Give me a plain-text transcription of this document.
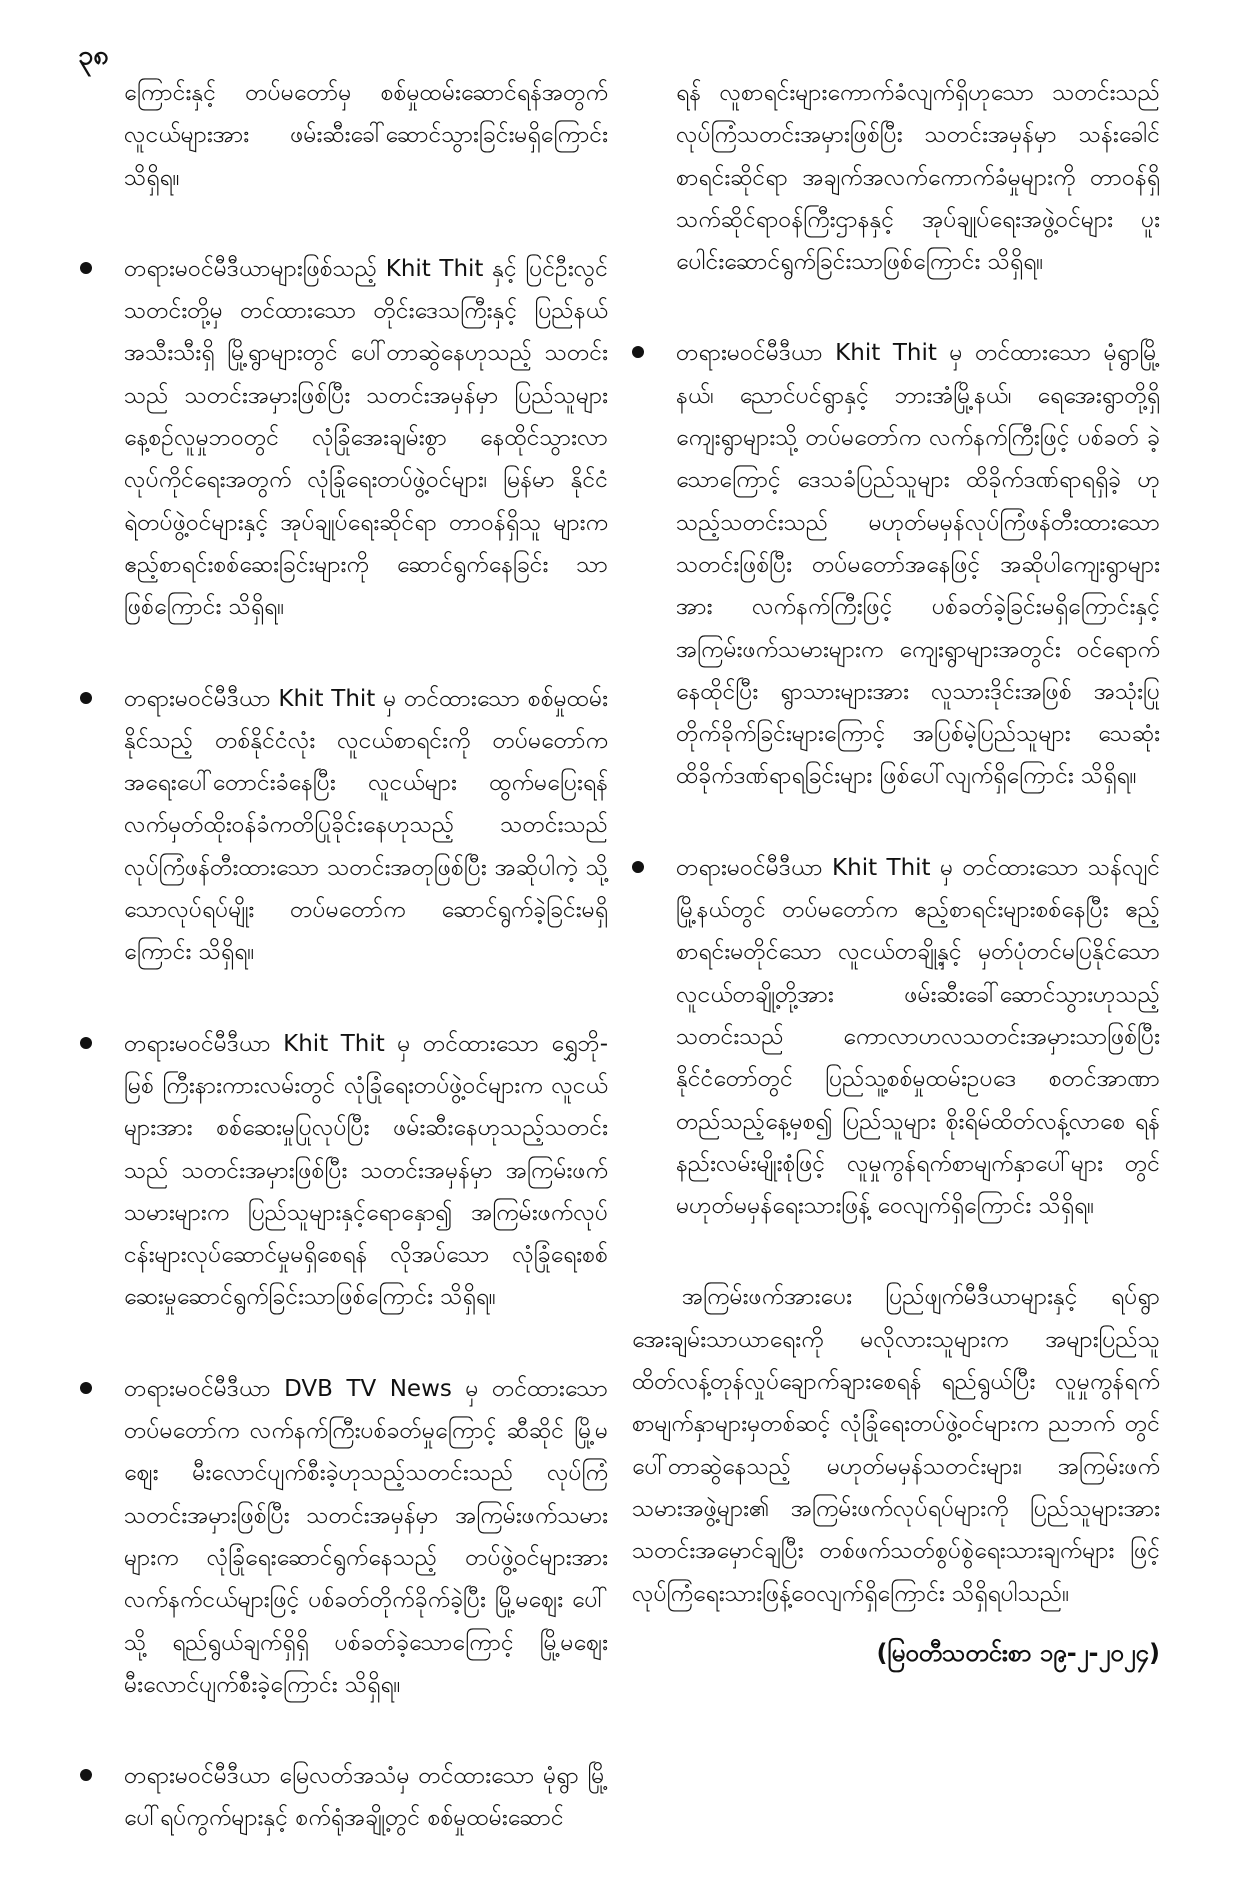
၃၈

ကြောင်းနှင့် တပ်မတော်မှ စစ်မှုထမ်းဆောင်ရန်အတွက် လူငယ်များအား ဖမ်းဆီးခေါ်ဆောင်သွားခြင်းမရှိကြောင်း သိရှိရ။

တရားမဝင်မီဒီယာများဖြစ်သည့် Khit Thit နှင့် ပြင်ဦးလွင် သတင်းတို့မှ တင်ထားသော တိုင်းဒေသကြီးနှင့် ပြည်နယ် အသီးသီးရှိ မြို့ရွာများတွင် ပေါ်တာဆွဲနေဟုသည့် သတင်း သည် သတင်းအမှားဖြစ်ပြီး သတင်းအမှန်မှာ ပြည်သူများ နေ့စဉ်လူမှုဘဝတွင် လုံခြုံအေးချမ်းစွာ နေထိုင်သွားလာ လုပ်ကိုင်ရေးအတွက် လုံခြုံရေးတပ်ဖွဲ့ဝင်များ၊ မြန်မာ နိုင်ငံရဲတပ်ဖွဲ့ဝင်များနှင့် အုပ်ချုပ်ရေးဆိုင်ရာ တာဝန်ရှိသူ များက ဧည့်စာရင်းစစ်ဆေးခြင်းများကို ဆောင်ရွက်နေခြင်း သာဖြစ်ကြောင်း သိရှိရ။
တရားမဝင်မီဒီယာ Khit Thit မှ တင်ထားသော စစ်မှုထမ်း နိုင်သည့် တစ်နိုင်ငံလုံး လူငယ်စာရင်းကို တပ်မတော်က အရေးပေါ်တောင်းခံနေပြီး လူငယ်များ ထွက်မပြေးရန် လက်မှတ်ထိုးဝန်ခံကတိပြုခိုင်းနေဟုသည့် သတင်းသည် လုပ်ကြံဖန်တီးထားသော သတင်းအတုဖြစ်ပြီး အဆိုပါကဲ့ သို့သောလုပ်ရပ်မျိုး တပ်မတော်က ဆောင်ရွက်ခဲ့ခြင်းမရှိ ကြောင်း သိရှိရ။
တရားမဝင်မီဒီယာ Khit Thit မှ တင်ထားသော ရွှေဘို-မြစ် ကြီးနားကားလမ်းတွင် လုံခြုံရေးတပ်ဖွဲ့ဝင်များက လူငယ် များအား စစ်ဆေးမှုပြုလုပ်ပြီး ဖမ်းဆီးနေဟုသည့်သတင်း သည် သတင်းအမှားဖြစ်ပြီး သတင်းအမှန်မှာ အကြမ်းဖက် သမားများက ပြည်သူများနှင့်ရောနှော၍ အကြမ်းဖက်လုပ် ငန်းများလုပ်ဆောင်မှုမရှိစေရန် လိုအပ်သော လုံခြုံရေးစစ် ဆေးမှုဆောင်ရွက်ခြင်းသာဖြစ်ကြောင်း သိရှိရ။
တရားမဝင်မီဒီယာ DVB TV News မှ တင်ထားသော တပ်မတော်က လက်နက်ကြီးပစ်ခတ်မှုကြောင့် ဆီဆိုင် မြို့မဈေး မီးလောင်ပျက်စီးခဲ့ဟုသည့်သတင်းသည် လုပ်ကြံ သတင်းအမှားဖြစ်ပြီး သတင်းအမှန်မှာ အကြမ်းဖက်သမား များက လုံခြုံရေးဆောင်ရွက်နေသည့် တပ်ဖွဲ့ဝင်များအား လက်နက်ငယ်များဖြင့် ပစ်ခတ်တိုက်ခိုက်ခဲ့ပြီး မြို့မဈေး ပေါ်သို့ ရည်ရွယ်ချက်ရှိရှိ ပစ်ခတ်ခဲ့သောကြောင့် မြို့မဈေး မီးလောင်ပျက်စီးခဲ့ကြောင်း သိရှိရ။
တရားမဝင်မီဒီယာ မြေလတ်အသံမှ တင်ထားသော မုံရွာ မြို့ပေါ်ရပ်ကွက်များနှင့် စက်ရုံအချို့တွင် စစ်မှုထမ်းဆောင်

ရန် လူစာရင်းများကောက်ခံလျက်ရှိဟုသော သတင်းသည် လုပ်ကြံသတင်းအမှားဖြစ်ပြီး သတင်းအမှန်မှာ သန်းခေါင် စာရင်းဆိုင်ရာ အချက်အလက်ကောက်ခံမှုများကို တာဝန်ရှိ သက်ဆိုင်ရာဝန်ကြီးဌာနနှင့် အုပ်ချုပ်ရေးအဖွဲ့ဝင်များ ပူး ပေါင်းဆောင်ရွက်ခြင်းသာဖြစ်ကြောင်း သိရှိရ။

တရားမဝင်မီဒီယာ Khit Thit မှ တင်ထားသော မုံရွာမြို့ နယ်၊ ညောင်ပင်ရွာနှင့် ဘားအံမြို့နယ်၊ ရေအေးရွာတို့ရှိ ကျေးရွာများသို့ တပ်မတော်က လက်နက်ကြီးဖြင့် ပစ်ခတ် ခဲ့သောကြောင့် ဒေသခံပြည်သူများ ထိခိုက်ဒဏ်ရာရရှိခဲ့ ဟုသည့်သတင်းသည် မဟုတ်မမှန်လုပ်ကြံဖန်တီးထားသော သတင်းဖြစ်ပြီး တပ်မတော်အနေဖြင့် အဆိုပါကျေးရွာများ အား လက်နက်ကြီးဖြင့် ပစ်ခတ်ခဲ့ခြင်းမရှိကြောင်းနှင့် အကြမ်းဖက်သမားများက ကျေးရွာများအတွင်း ဝင်ရောက် နေထိုင်ပြီး ရွာသားများအား လူသားဒိုင်းအဖြစ် အသုံးပြု တိုက်ခိုက်ခြင်းများကြောင့် အပြစ်မဲ့ပြည်သူများ သေဆုံး ထိခိုက်ဒဏ်ရာရခြင်းများ ဖြစ်ပေါ်လျက်ရှိကြောင်း သိရှိရ။
တရားမဝင်မီဒီယာ Khit Thit မှ တင်ထားသော သန်လျင် မြို့နယ်တွင် တပ်မတော်က ဧည့်စာရင်းများစစ်နေပြီး ဧည့် စာရင်းမတိုင်သော လူငယ်တချို့နှင့် မှတ်ပုံတင်မပြနိုင်သော လူငယ်တချို့တို့အား ဖမ်းဆီးခေါ်ဆောင်သွားဟုသည့် သတင်းသည် ကောလာဟလသတင်းအမှားသာဖြစ်ပြီး နိုင်ငံတော်တွင် ပြည်သူ့စစ်မှုထမ်းဥပဒေ စတင်အာဏာ တည်သည့်နေ့မှစ၍ ပြည်သူများ စိုးရိမ်ထိတ်လန့်လာစေ ရန် နည်းလမ်းမျိုးစုံဖြင့် လူမှုကွန်ရက်စာမျက်နှာပေါ်များ တွင် မဟုတ်မမှန်ရေးသားဖြန့် ဝေလျက်ရှိကြောင်း သိရှိရ။

အကြမ်းဖက်အားပေး ပြည်ဖျက်မီဒီယာများနှင့် ရပ်ရွာ အေးချမ်းသာယာရေးကို မလိုလားသူများက အများပြည်သူ ထိတ်လန့်တုန်လှုပ်ချောက်ချားစေရန် ရည်ရွယ်ပြီး လူမှုကွန်ရက် စာမျက်နှာများမှတစ်ဆင့် လုံခြုံရေးတပ်ဖွဲ့ဝင်များက ညဘက် တွင် ပေါ်တာဆွဲနေသည့် မဟုတ်မမှန်သတင်းများ၊ အကြမ်းဖက် သမားအဖွဲ့များ၏ အကြမ်းဖက်လုပ်ရပ်များကို ပြည်သူများအား သတင်းအမှောင်ချပြီး တစ်ဖက်သတ်စွပ်စွဲရေးသားချက်များ ဖြင့် လုပ်ကြံရေးသားဖြန့်ဝေလျက်ရှိကြောင်း သိရှိရပါသည်။

(မြဝတီသတင်းစာ ၁၉-၂-၂၀၂၄)
